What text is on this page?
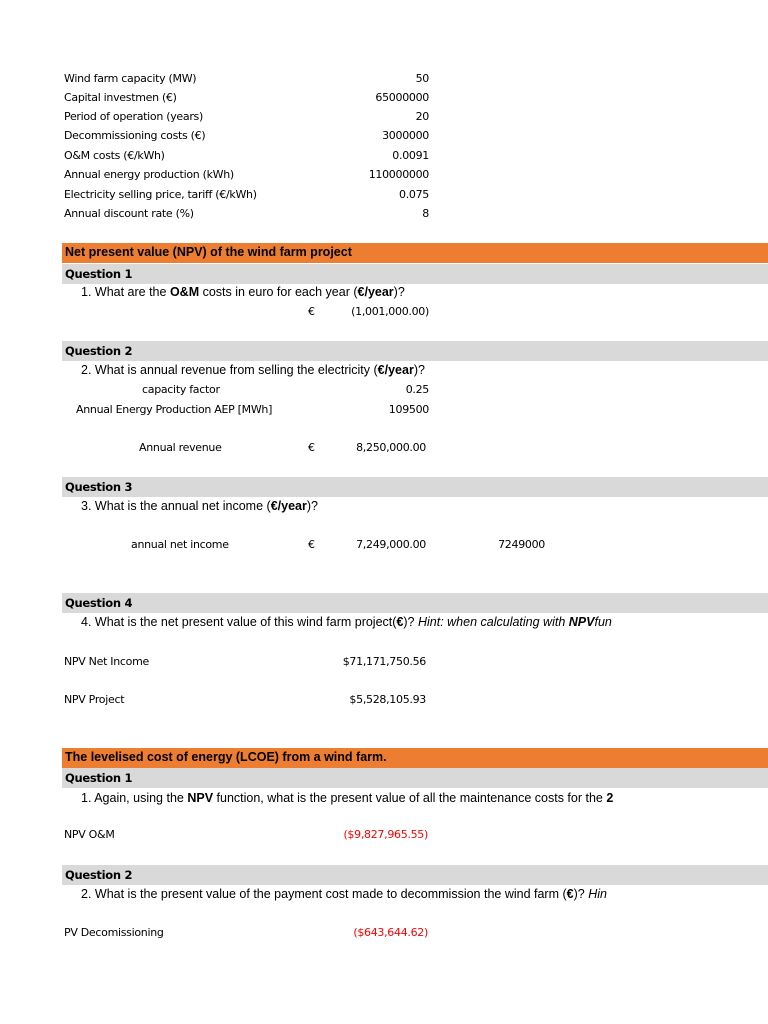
Wind farm capacity (MW)	50
Capital investmen (€)	65000000
Period of operation (years)	20
Decommissioning costs (€)	3000000
O&M costs (€/kWh)	0.0091
Annual energy production (kWh)	110000000
Electricity selling price, tariff (€/kWh)	0.075
Annual discount rate (%)	8
Net present value (NPV) of the wind farm project
Question 1
1. What are the O&M costs in euro for each year (€/year)?
€	(1,001,000.00)
Question 2
2. What is annual revenue from selling the electricity (€/year)?
capacity factor	0.25
Annual Energy Production AEP [MWh]	109500
Annual revenue	€	8,250,000.00
Question 3
3. What is the annual net income (€/year)?
annual net income	€	7,249,000.00	7249000
Question 4
4. What is the net present value of this wind farm project(€)? Hint: when calculating with NPVfun
NPV Net Income	$71,171,750.56
NPV Project	$5,528,105.93
The levelised cost of energy (LCOE) from a wind farm.
Question 1
1. Again, using the NPV function, what is the present value of all the maintenance costs for the 2
NPV O&M	($9,827,965.55)
Question 2
2. What is the present value of the payment cost made to decommission the wind farm (€)? Hin
PV Decomissioning	($643,644.62)
